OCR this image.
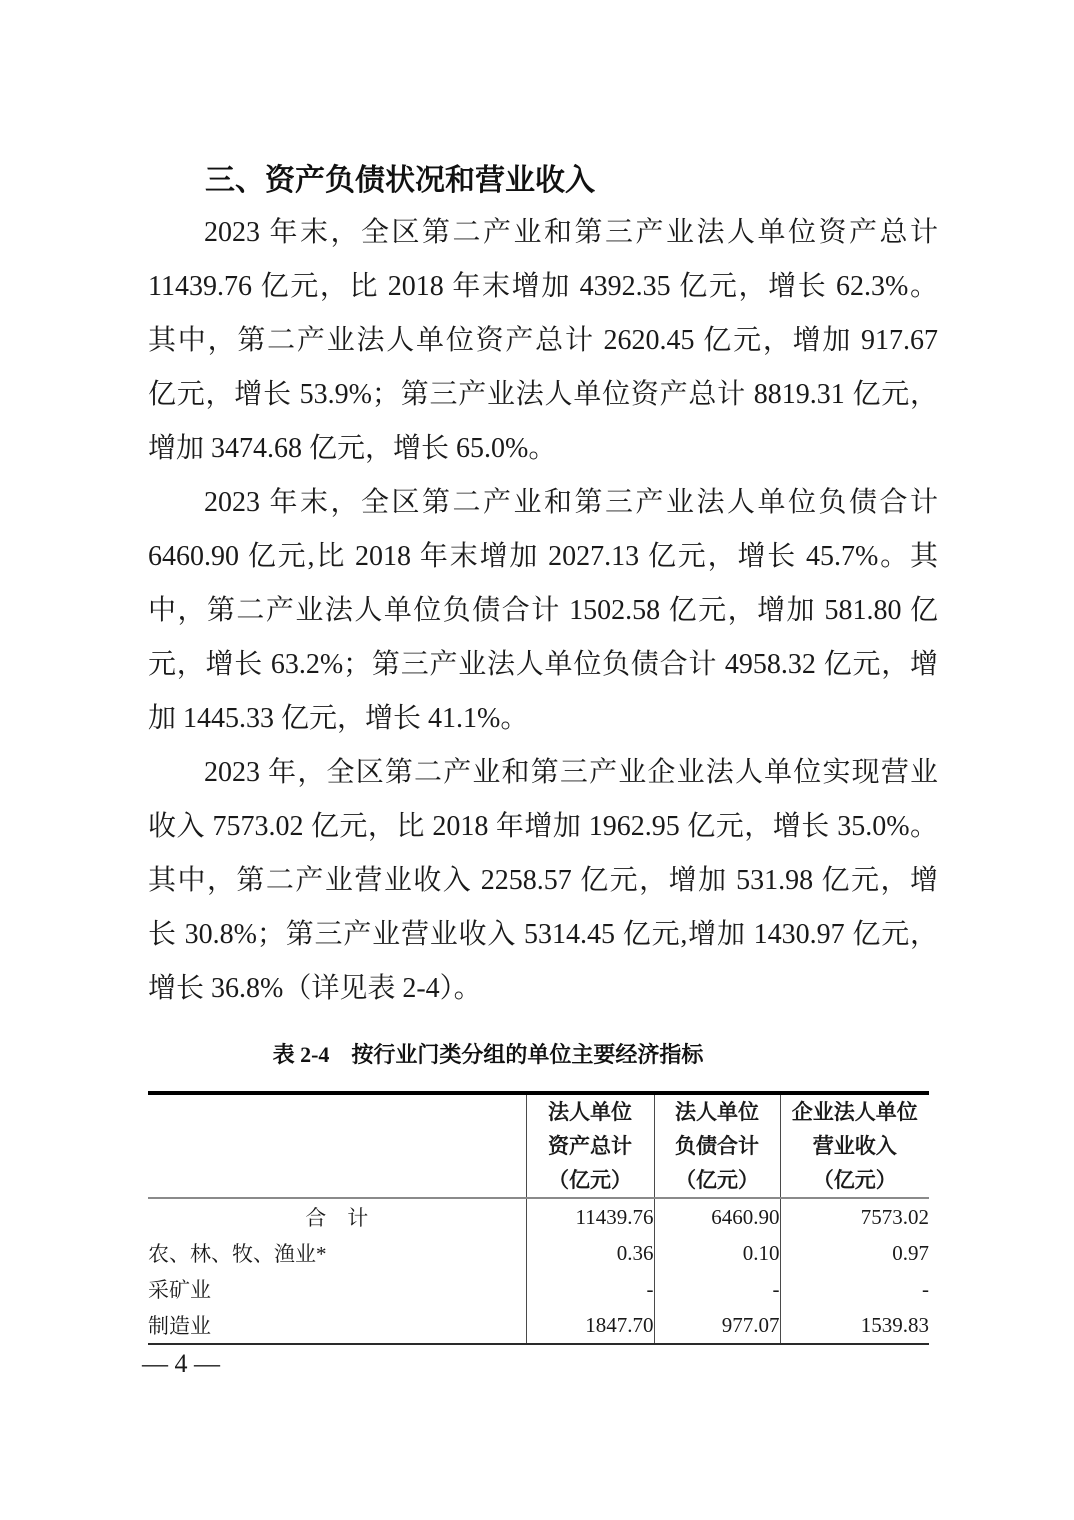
三、资产负债状况和营业收入
2023 年末，全区第二产业和第三产业法人单位资产总计
11439.76 亿元，比 2018 年末增加 4392.35 亿元，增长 62.3%。
其中，第二产业法人单位资产总计 2620.45 亿元，增加 917.67
亿元，增长 53.9%；第三产业法人单位资产总计 8819.31 亿元，
增加 3474.68 亿元，增长 65.0%。
2023 年末，全区第二产业和第三产业法人单位负债合计
6460.90 亿元,比 2018 年末增加 2027.13 亿元，增长 45.7%。其
中，第二产业法人单位负债合计 1502.58 亿元，增加 581.80 亿
元，增长 63.2%；第三产业法人单位负债合计 4958.32 亿元，增
加 1445.33 亿元，增长 41.1%。
2023 年，全区第二产业和第三产业企业法人单位实现营业
收入 7573.02 亿元，比 2018 年增加 1962.95 亿元，增长 35.0%。
其中，第二产业营业收入 2258.57 亿元，增加 531.98 亿元，增
长 30.8%；第三产业营业收入 5314.45 亿元,增加 1430.97 亿元，
增长 36.8%（详见表 2-4）。
表 2-4　按行业门类分组的单位主要经济指标

法人单位
资产总计
（亿元）

法人单位
负债合计
（亿元）

企业法人单位
营业收入
（亿元）

合　计	11439.76	6460.90	7573.02
农、林、牧、渔业*	0.36	0.10	0.97
采矿业	-	-	-
制造业	1847.70	977.07	1539.83
— 4 —
